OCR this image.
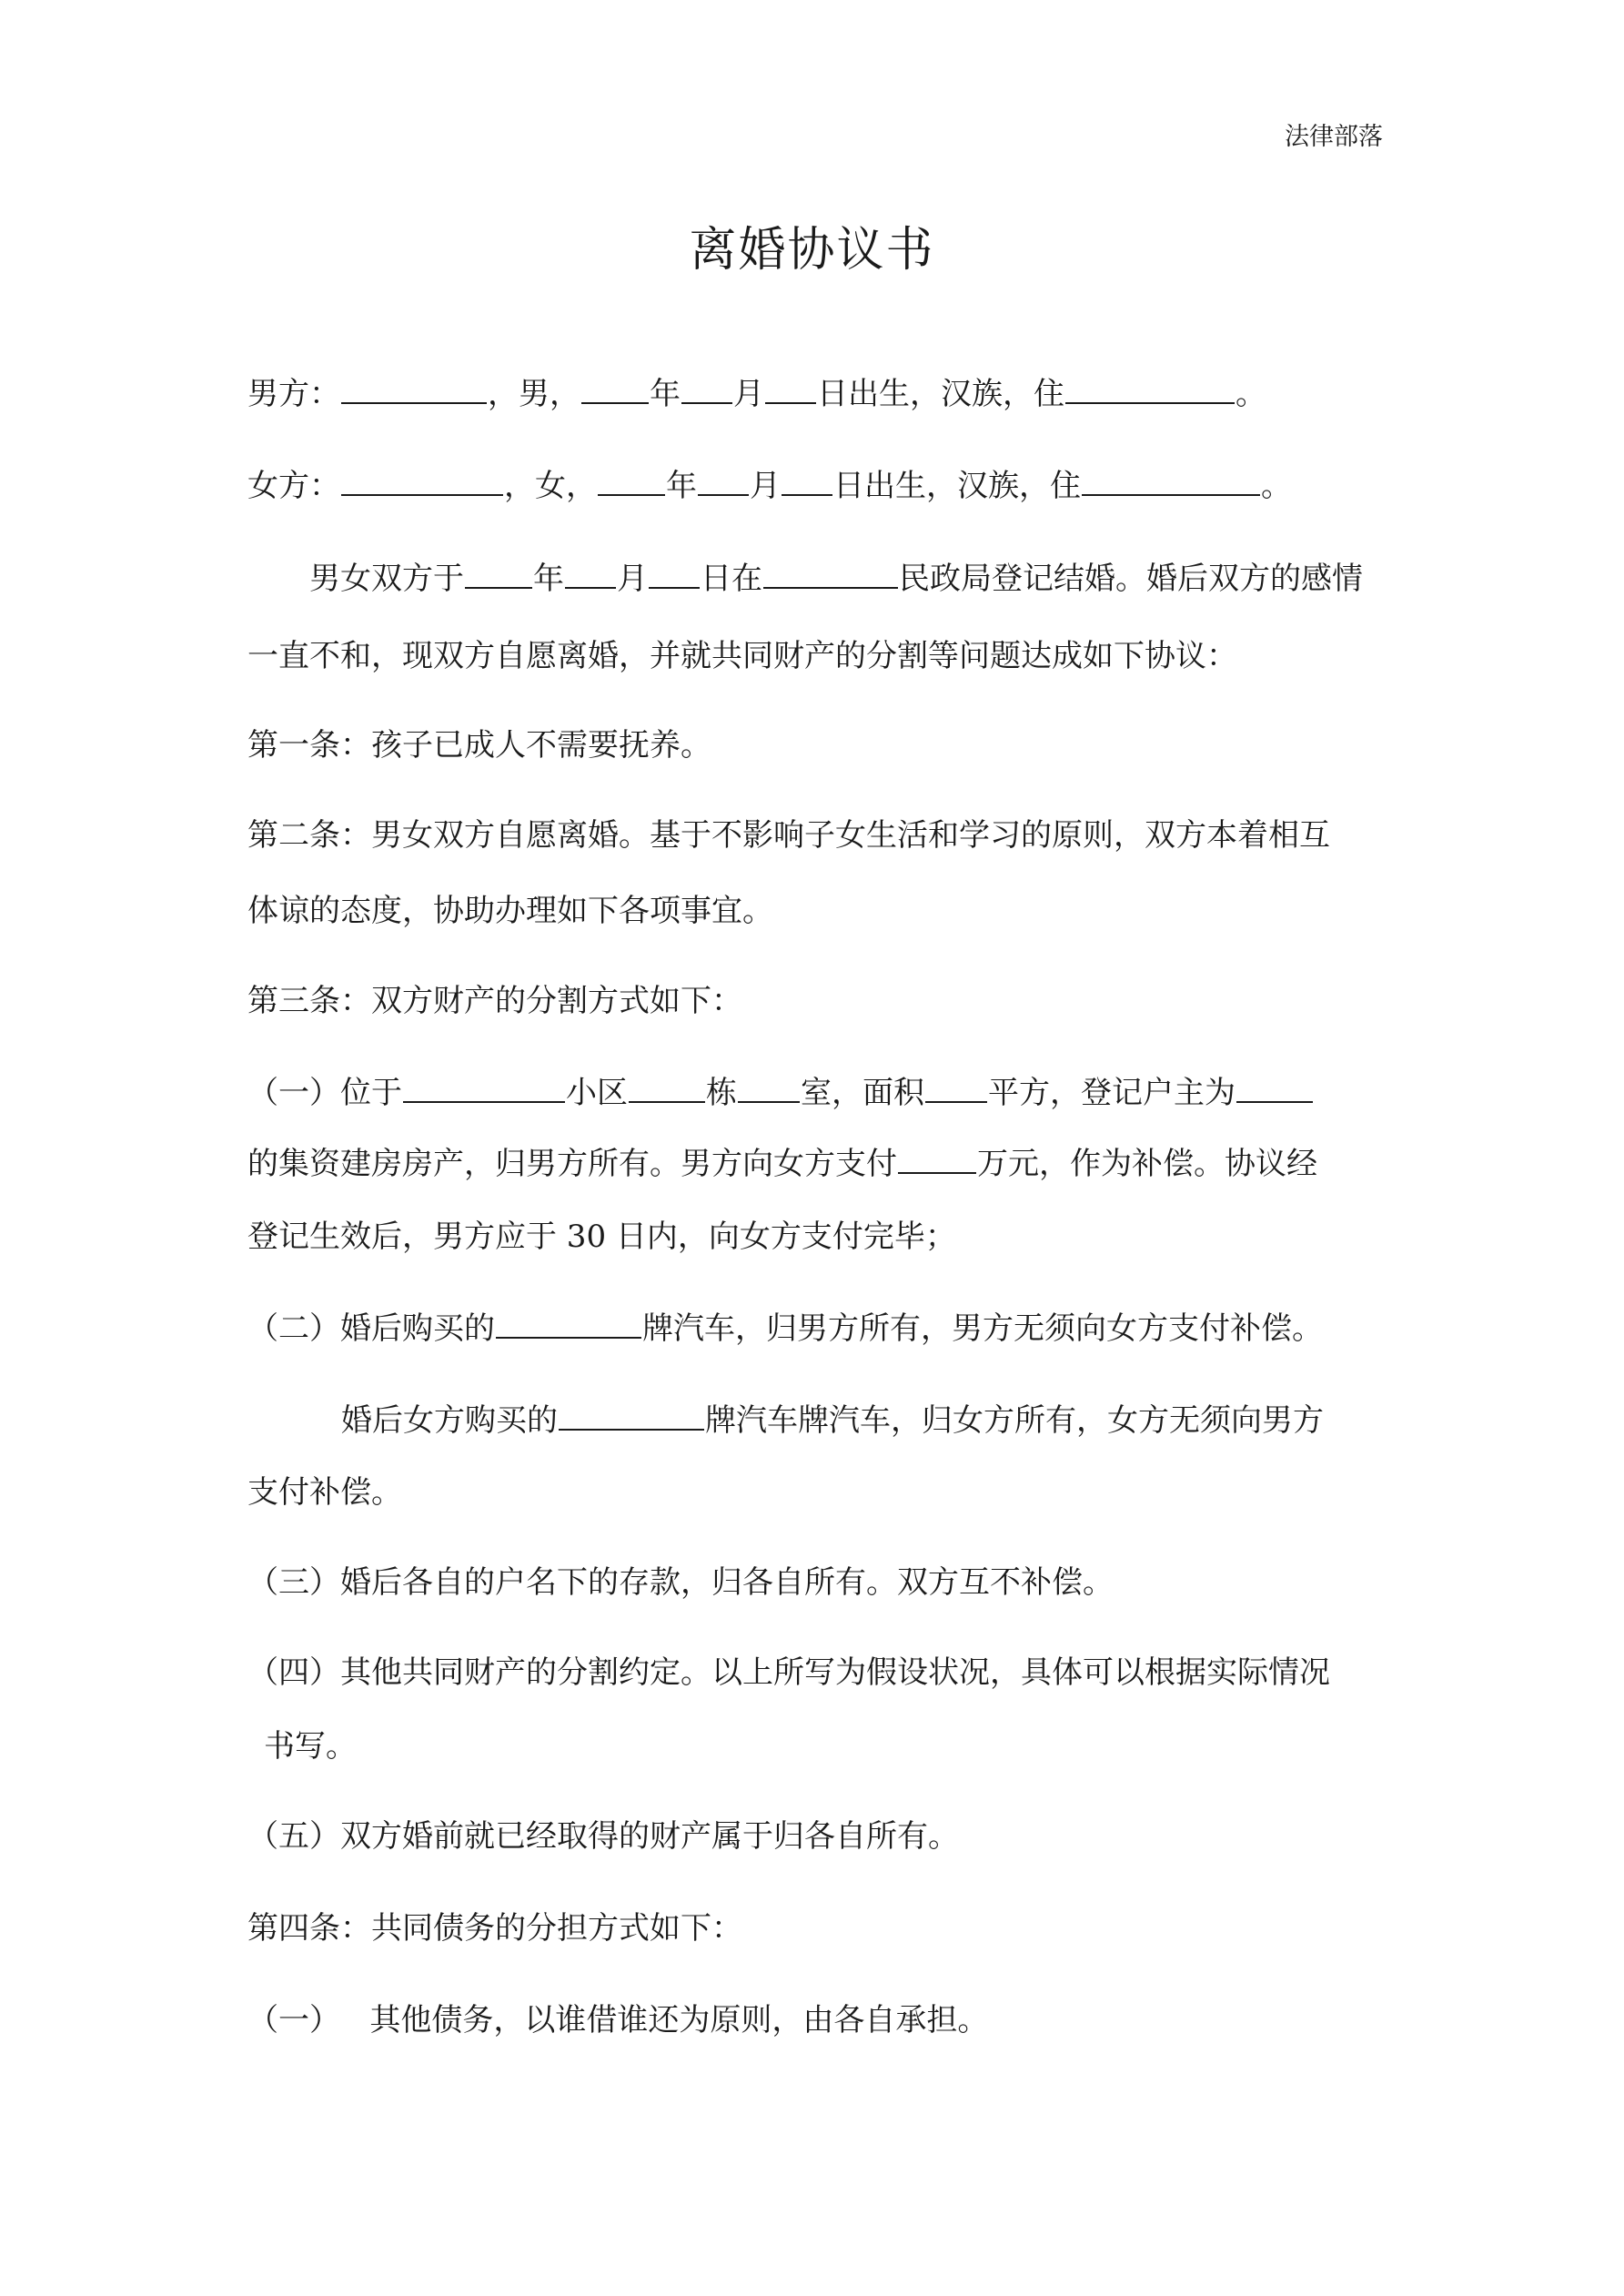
法律部落
离婚协议书
男方：	，男， 年 月 日出生，汉族，住	。
女方：	，女， 年 月 日出生，汉族，住	。
男女双方于 年 月 日在	民政局登记结婚。婚后双方的感情
一直不和，现双方自愿离婚，并就共同财产的分割等问题达成如下协议：
第一条：孩子已成人不需要抚养。
第二条：男女双方自愿离婚。基于不影响子女生活和学习的原则，双方本着相互
体谅的态度，协助办理如下各项事宜。
第三条：双方财产的分割方式如下：
（一）位于	小区	栋 室，面积 平方，登记户主为
的集资建房房产，归男方所有。男方向女方支付	万元，作为补偿。协议经
登记生效后，男方应于 30 日内，向女方支付完毕；
（二）婚后购买的	牌汽车，归男方所有，男方无须向女方支付补偿。
婚后女方购买的	牌汽车牌汽车，归女方所有，女方无须向男方
支付补偿。
（三）婚后各自的户名下的存款，归各自所有。双方互不补偿。
（四）其他共同财产的分割约定。以上所写为假设状况，具体可以根据实际情况
书写。
（五）双方婚前就已经取得的财产属于归各自所有。
第四条：共同债务的分担方式如下：
（一）   其他债务，以谁借谁还为原则，由各自承担。
